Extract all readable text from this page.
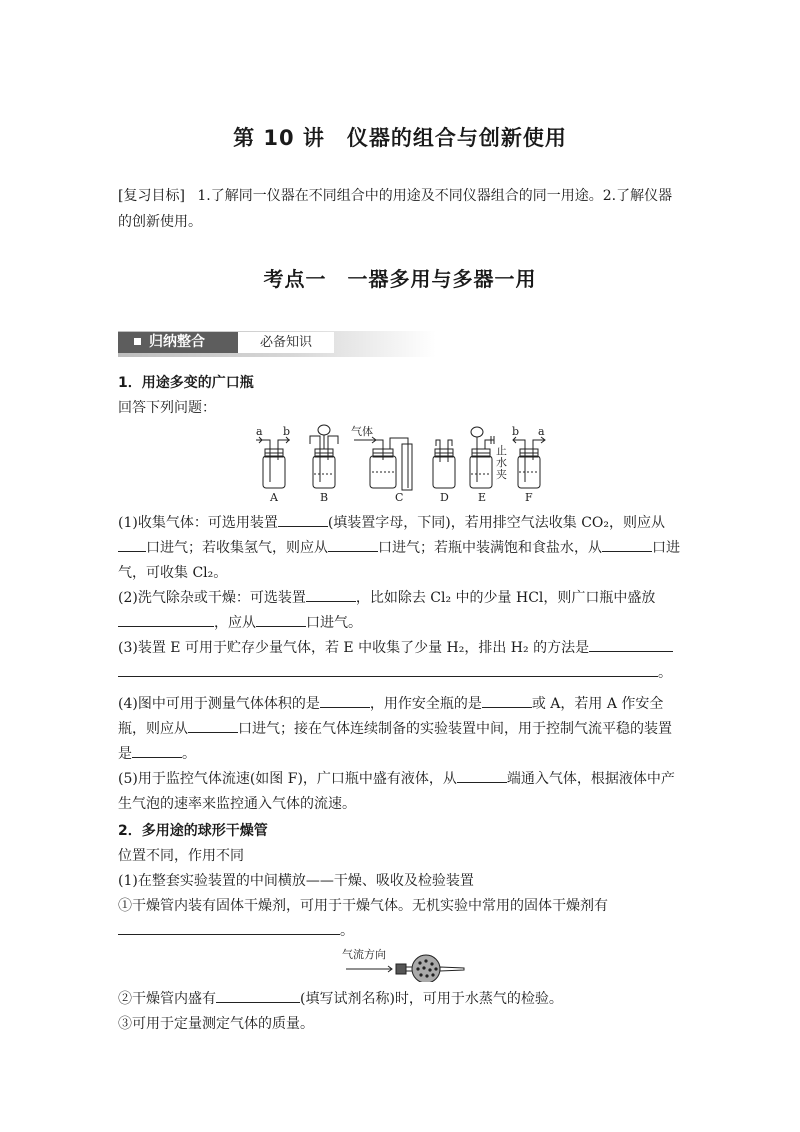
第 10 讲　仪器的组合与创新使用
[复习目标] 1.了解同一仪器在不同组合中的用途及不同仪器组合的同一用途。2.了解仪器的创新使用。
考点一　一器多用与多器一用
归纳整合	必备知识

1．用途多变的广口瓶

回答下列问题：

a b	气体	b a
止
水
夹
A	B	C	D	E	F

(1)收集气体：可选用装置	(填装置字母，下同)，若用排空气法收集 CO₂，则应从口进气；若收集氢气，则应从	口进气；若瓶中装满饱和食盐水，从	口进气，可收集 Cl₂。

(2)洗气除杂或干燥：可选装置	，比如除去 Cl₂ 中的少量 HCl，则广口瓶中盛放，应从	口进气。

(3)装置 E 可用于贮存少量气体，若 E 中收集了少量 H₂，排出 H₂ 的方法是
。

(4)图中可用于测量气体体积的是	，用作安全瓶的是	或 A，若用 A 作安全瓶，则应从	口进气；接在气体连续制备的实验装置中间，用于控制气流平稳的装置是	。

(5)用于监控气体流速(如图 F)，广口瓶中盛有液体，从	端通入气体，根据液体中产生气泡的速率来监控通入气体的流速。

2．多用途的球形干燥管

位置不同，作用不同

(1)在整套实验装置的中间横放——干燥、吸收及检验装置

①干燥管内装有固体干燥剂，可用于干燥气体。无机实验中常用的固体干燥剂有
。

气流方向

②干燥管内盛有	(填写试剂名称)时，可用于水蒸气的检验。

③可用于定量测定气体的质量。
